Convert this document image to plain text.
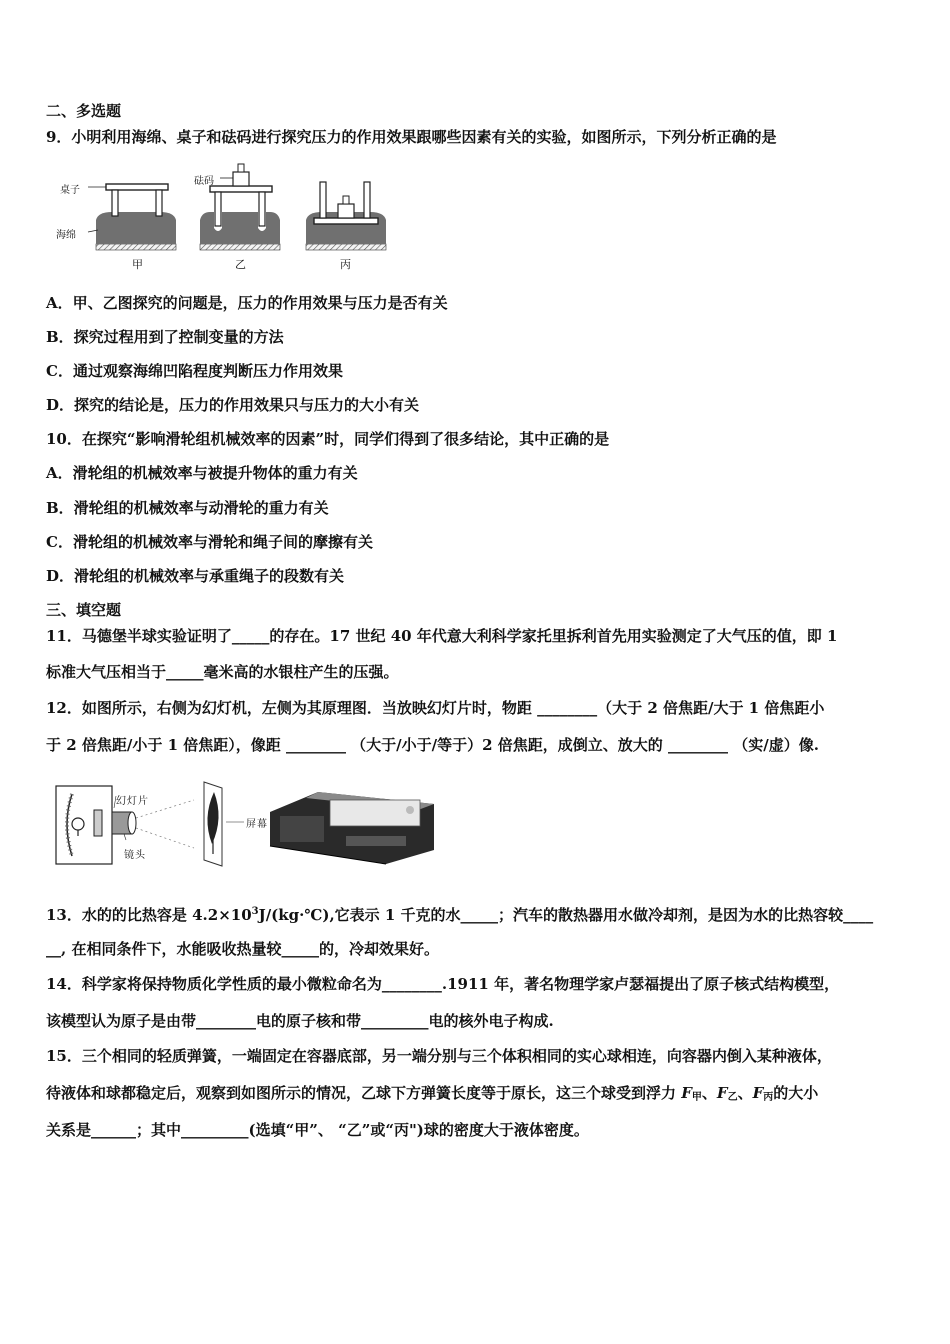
二、多选题
9．小明利用海绵、桌子和砝码进行探究压力的作用效果跟哪些因素有关的实验，如图所示，下列分析正确的是
桌子
海绵
砝码
甲	乙	丙
A．甲、乙图探究的问题是，压力的作用效果与压力是否有关
B．探究过程用到了控制变量的方法
C．通过观察海绵凹陷程度判断压力作用效果
D．探究的结论是，压力的作用效果只与压力的大小有关
10．在探究“影响滑轮组机械效率的因素”时，同学们得到了很多结论，其中正确的是
A．滑轮组的机械效率与被提升物体的重力有关
B．滑轮组的机械效率与动滑轮的重力有关
C．滑轮组的机械效率与滑轮和绳子间的摩擦有关
D．滑轮组的机械效率与承重绳子的段数有关
三、填空题
11．马德堡半球实验证明了_____的存在。17 世纪 40 年代意大利科学家托里拆利首先用实验测定了大气压的值，即 1
标准大气压相当于_____毫米高的水银柱产生的压强。
12．如图所示，右侧为幻灯机，左侧为其原理图．当放映幻灯片时，物距 ________（大于 2 倍焦距/大于 1 倍焦距小
于 2 倍焦距/小于 1 倍焦距），像距 ________ （大于/小于/等于）2 倍焦距，成倒立、放大的 ________ （实/虚）像.
幻灯片
镜头
屏幕
13．水的的比热容是 $4.2\times 10^3J/(kg\cdot℃)$,它表示 1 千克的水_____；汽车的散热器用水做冷却剂，是因为水的比热容较____
__, 在相同条件下，水能吸收热量较_____的，冷却效果好。
14．科学家将保持物质化学性质的最小微粒命名为________.1911 年，著名物理学家卢瑟福提出了原子核式结构模型，
该模型认为原子是由带________电的原子核和带_________电的核外电子构成.
15．三个相同的轻质弹簧，一端固定在容器底部，另一端分别与三个体积相同的实心球相连，向容器内倒入某种液体，
待液体和球都稳定后，观察到如图所示的情况，乙球下方弹簧长度等于原长，这三个球受到浮力 $F_甲$、$F_乙$、$F_丙$的大小
关系是______；其中_________(选填“甲”、 “乙”或“丙")球的密度大于液体密度。
